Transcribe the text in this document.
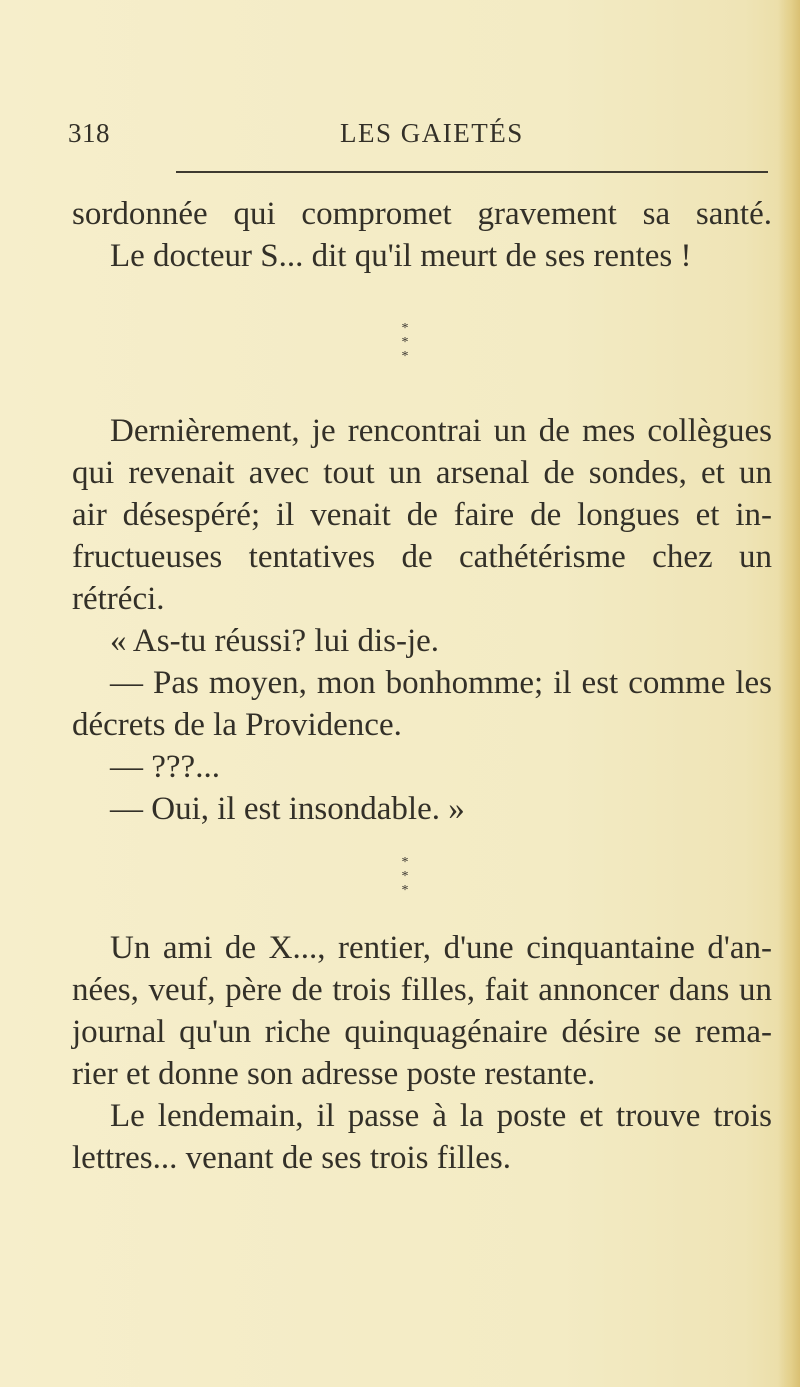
318	LES GAIETÉS
sordonnée qui compromet gravement sa santé.
Le docteur S... dit qu'il meurt de ses rentes !
*
* *
Dernièrement, je rencontrai un de mes collègues
qui revenait avec tout un arsenal de sondes, et un
air désespéré; il venait de faire de longues et in-
fructueuses tentatives de cathétérisme chez un
rétréci.
« As-tu réussi? lui dis-je.
— Pas moyen, mon bonhomme; il est comme les
décrets de la Providence.
— ???...
— Oui, il est insondable. »
*
* *
Un ami de X..., rentier, d'une cinquantaine d'an-
nées, veuf, père de trois filles, fait annoncer dans un
journal qu'un riche quinquagénaire désire se rema-
rier et donne son adresse poste restante.
Le lendemain, il passe à la poste et trouve trois
lettres... venant de ses trois filles.
